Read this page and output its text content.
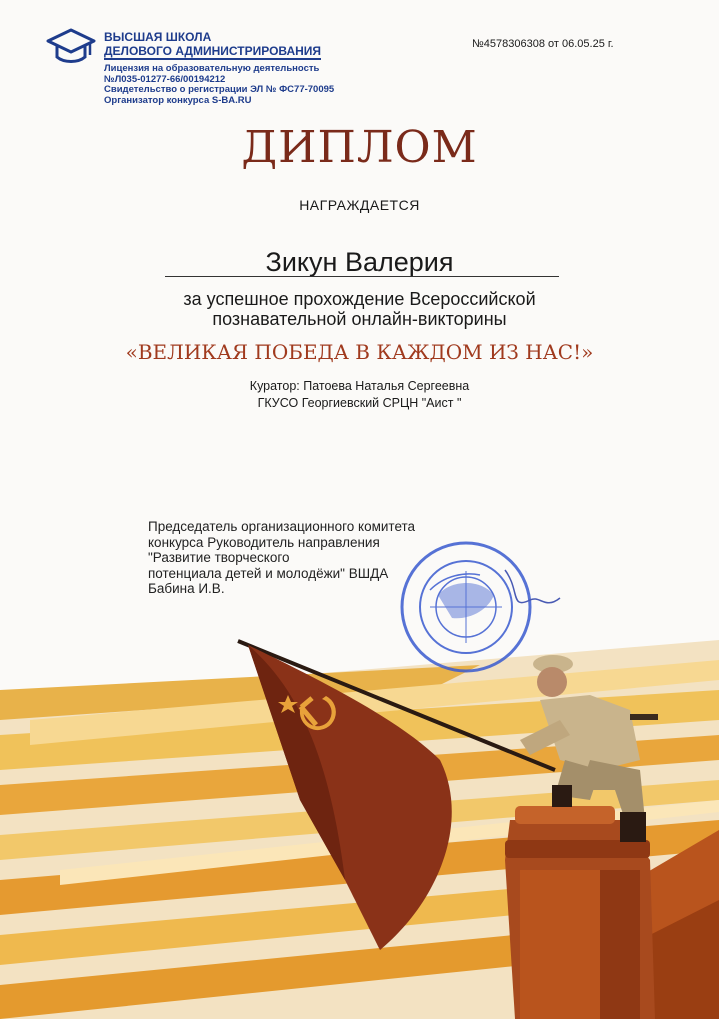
ВЫСШАЯ ШКОЛА

ДЕЛОВОГО АДМИНИСТРИРОВАНИЯ
Лицензия на образовательную деятельность
№Л035-01277-66/00194212
Свидетельство о регистрации ЭЛ № ФС77-70095
Организатор конкурса S-BA.RU
№4578306308 от 06.05.25 г.
ДИПЛОМ
НАГРАЖДАЕТСЯ
Зикун Валерия
за успешное прохождение Всероссийской
познавательной онлайн-викторины
«ВЕЛИКАЯ ПОБЕДА В КАЖДОМ ИЗ НАС!»
Куратор: Патоева Наталья Сергеевна
ГКУСО Георгиевский СРЦН "Аист "
Председатель организационного комитета
конкурса Руководитель направления
"Развитие творческого
потенциала детей и молодёжи" ВШДА
Бабина И.В.
